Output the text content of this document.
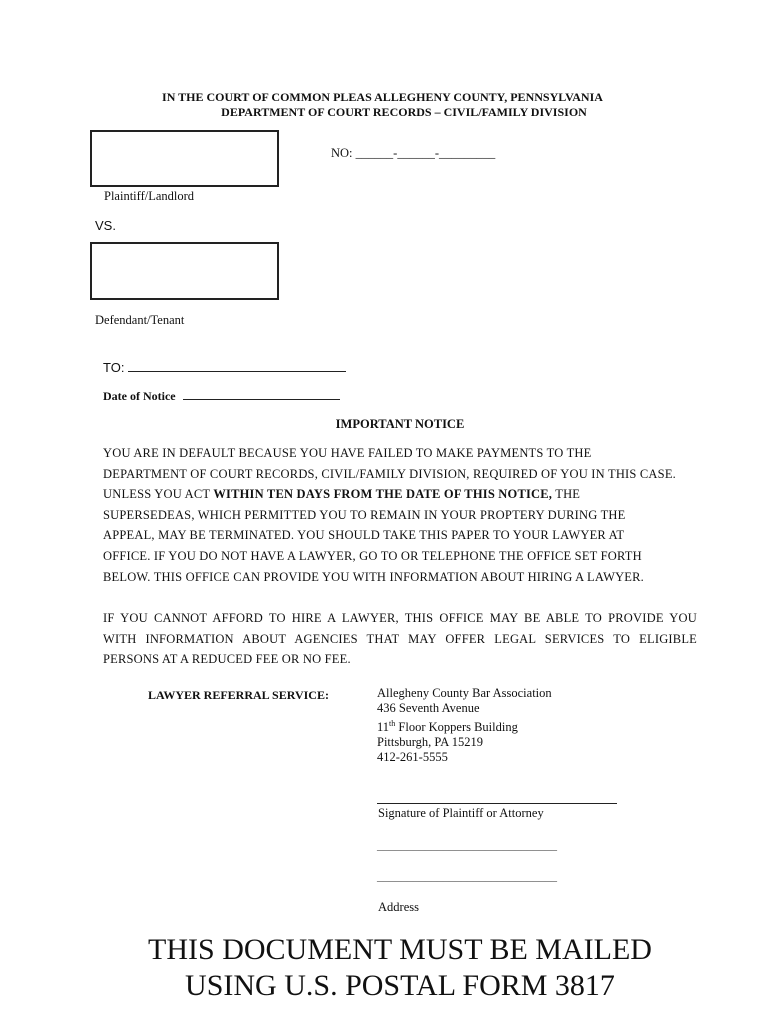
IN THE COURT OF COMMON PLEAS ALLEGHENY COUNTY, PENNSYLVANIA
DEPARTMENT OF COURT RECORDS – CIVIL/FAMILY DIVISION
NO: ______-______-_________
Plaintiff/Landlord
VS.
Defendant/Tenant
TO:
Date of Notice
IMPORTANT NOTICE
YOU ARE IN DEFAULT BECAUSE YOU HAVE FAILED TO MAKE PAYMENTS TO THE
DEPARTMENT OF COURT RECORDS, CIVIL/FAMILY DIVISION, REQUIRED OF YOU IN THIS CASE.
UNLESS YOU ACT WITHIN TEN DAYS FROM THE DATE OF THIS NOTICE, THE
SUPERSEDEAS, WHICH PERMITTED YOU TO REMAIN IN YOUR PROPTERY DURING THE
APPEAL, MAY BE TERMINATED. YOU SHOULD TAKE THIS PAPER TO YOUR LAWYER AT
OFFICE. IF YOU DO NOT HAVE A LAWYER, GO TO OR TELEPHONE THE OFFICE SET FORTH
BELOW. THIS OFFICE CAN PROVIDE YOU WITH INFORMATION ABOUT HIRING A LAWYER.
IF YOU CANNOT AFFORD TO HIRE A LAWYER, THIS OFFICE MAY BE ABLE TO PROVIDE YOU
WITH INFORMATION ABOUT AGENCIES THAT MAY OFFER LEGAL SERVICES TO ELIGIBLE
PERSONS AT A REDUCED FEE OR NO FEE.
LAWYER REFERRAL SERVICE:	Allegheny County Bar Association
436 Seventh Avenue
11th Floor Koppers Building
Pittsburgh, PA 15219
412-261-5555
Signature of Plaintiff or Attorney
______________________________
______________________________
Address
THIS DOCUMENT MUST BE MAILED
USING U.S. POSTAL FORM 3817
